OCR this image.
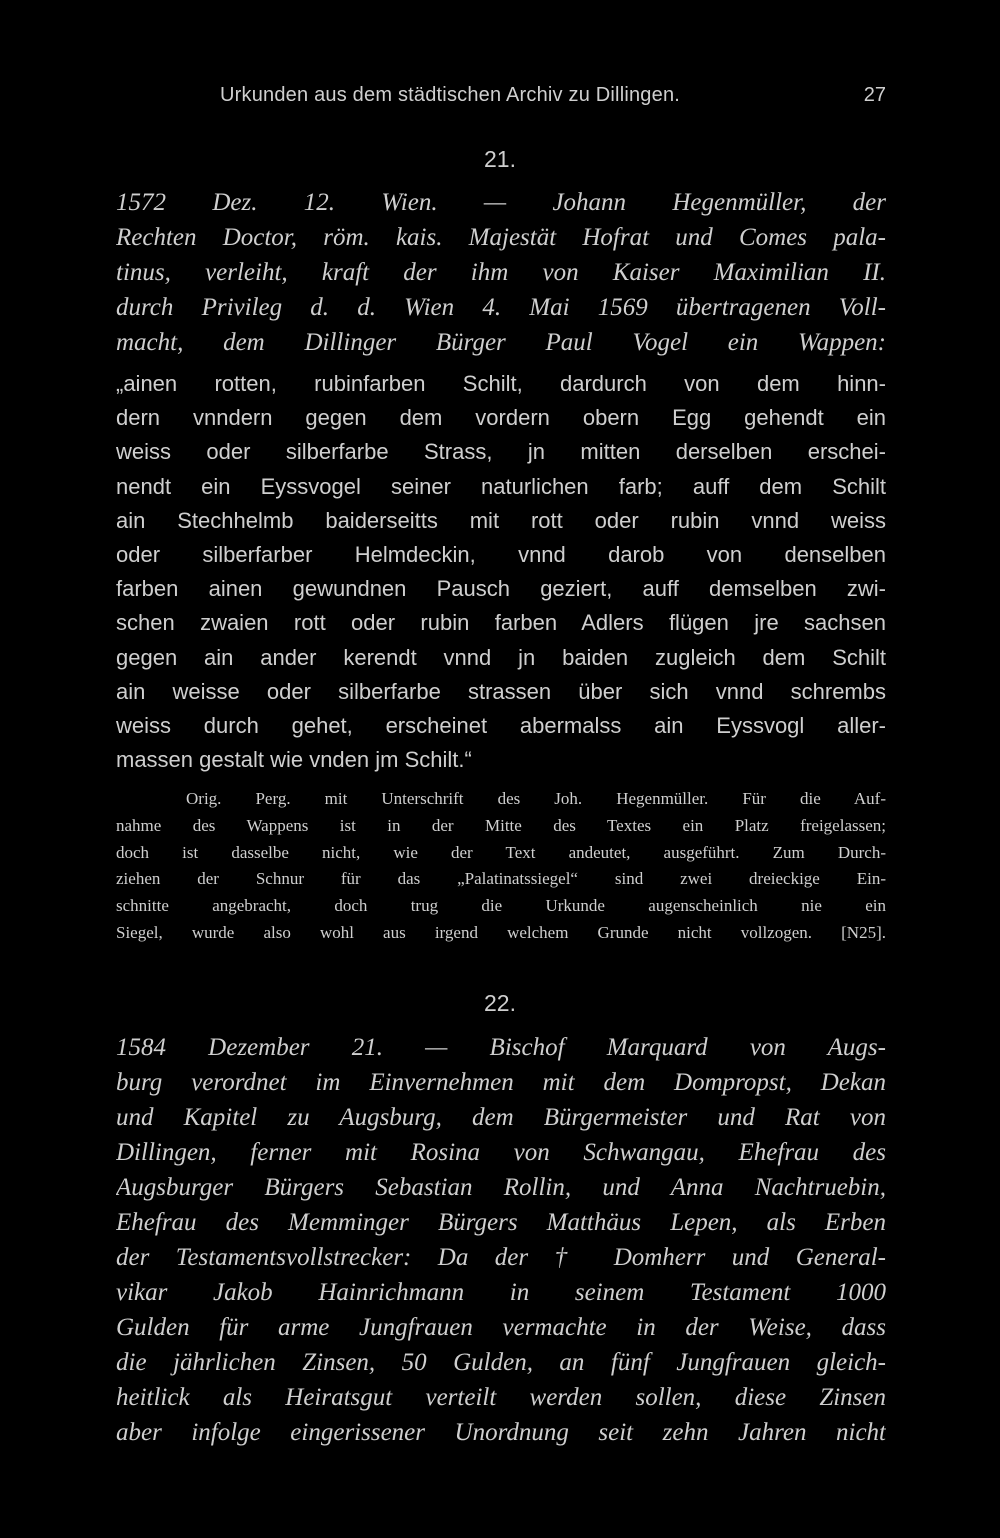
Urkunden aus dem städtischen Archiv zu Dillingen.	27
21.
1572 Dez. 12. Wien. — Johann Hegenmüller, der
Rechten Doctor, röm. kais. Majestät Hofrat und Comes pala-
tinus, verleiht, kraft der ihm von Kaiser Maximilian II.
durch Privileg d. d. Wien 4. Mai 1569 übertragenen Voll-
macht, dem Dillinger Bürger Paul Vogel ein Wappen:
„ainen rotten, rubinfarben Schilt, dardurch von dem hinn-
dern vnndern gegen dem vordern obern Egg gehendt ein
weiss oder silberfarbe Strass, jn mitten derselben erschei-
nendt ein Eyssvogel seiner naturlichen farb; auff dem Schilt
ain Stechhelmb baiderseitts mit rott oder rubin vnnd weiss
oder silberfarber Helmdeckin, vnnd darob von denselben
farben ainen gewundnen Pausch geziert, auff demselben zwi-
schen zwaien rott oder rubin farben Adlers flügen jre sachsen
gegen ain ander kerendt vnnd jn baiden zugleich dem Schilt
ain weisse oder silberfarbe strassen über sich vnnd schrembs
weiss durch gehet, erscheinet abermalss ain Eyssvogl aller-
massen gestalt wie vnden jm Schilt.“
Orig. Perg. mit Unterschrift des Joh. Hegenmüller. Für die Auf-
nahme des Wappens ist in der Mitte des Textes ein Platz freigelassen;
doch ist dasselbe nicht, wie der Text andeutet, ausgeführt. Zum Durch-
ziehen der Schnur für das „Palatinatssiegel“ sind zwei dreieckige Ein-
schnitte angebracht, doch trug die Urkunde augenscheinlich nie ein
Siegel, wurde also wohl aus irgend welchem Grunde nicht vollzogen. [N25].
22.
1584 Dezember 21. — Bischof Marquard von Augs-
burg verordnet im Einvernehmen mit dem Dompropst, Dekan
und Kapitel zu Augsburg, dem Bürgermeister und Rat von
Dillingen, ferner mit Rosina von Schwangau, Ehefrau des
Augsburger Bürgers Sebastian Rollin, und Anna Nachtruebin,
Ehefrau des Memminger Bürgers Matthäus Lepen, als Erben
der Testamentsvollstrecker: Da der † Domherr und General-
vikar Jakob Hainrichmann in seinem Testament 1000
Gulden für arme Jungfrauen vermachte in der Weise, dass
die jährlichen Zinsen, 50 Gulden, an fünf Jungfrauen gleich-
heitlick als Heiratsgut verteilt werden sollen, diese Zinsen
aber infolge eingerissener Unordnung seit zehn Jahren nicht
